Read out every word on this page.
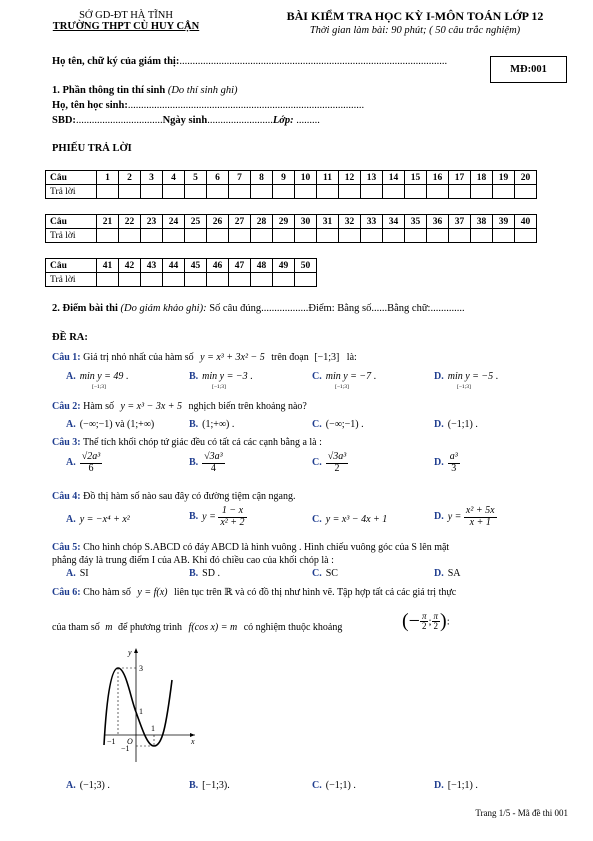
SỞ GD-ĐT HÀ TĨNH
TRƯỜNG THPT CÙ HUY CẬN
BÀI KIỂM TRA HỌC KỲ I-MÔN TOÁN LỚP 12
Thời gian làm bài: 90 phút; ( 50 câu trắc nghiệm)
Họ tên, chữ ký của giám thị:......................................................................................................
MĐ:001
1. Phần thông tin thí sinh (Do thí sinh ghi)
Họ, tên học sinh:..........................................................................................
SBD:.................................Ngày sinh.........................Lớp: .........
PHIẾU TRẢ LỜI
Câu	1	2	3	4	5	6	7	8	9	10	11	12	13	14	15	16	17	18	19	20
Trả lời																				
Câu	21	22	23	24	25	26	27	28	29	30	31	32	33	34	35	36	37	38	39	40
Trả lời																				
Câu	41	42	43	44	45	46	47	48	49	50
Trả lời										
2. Điểm bài thi (Do giám khảo ghi): Số câu đúng..................Điểm: Bằng số......Bằng chữ:.............
ĐỀ RA:
Câu 1: Giá trị nhỏ nhất của hàm số y = x³ + 3x² − 5 trên đoạn [−1;3] là:
A. min y = 49 .	B. min y = −3 .	C. min y = −7 .	D. min y = −5 .
[−1;3]	[−1;3]	[−1;3]	[−1;3]
Câu 2: Hàm số y = x³ − 3x + 5 nghịch biến trên khoảng nào?
A. (−∞;−1) và (1;+∞)	B. (1;+∞) .	C. (−∞;−1) .	D. (−1;1) .
Câu 3: Thể tích khối chóp tứ giác đều có tất cả các cạnh bằng a là :
A. $\frac{\text{√2a³}}{6}$	B. $\frac{\text{√3a³}}{4}$	C. $\frac{\text{√3a³}}{2}$	D. $\frac{\text{a³}}{3}$
Câu 4: Đồ thị hàm số nào sau đây có đường tiệm cận ngang.
A. y = −x⁴ + x²	B. $y = \frac{1 - x}{\text{x² + 2}}$	C. y = x³ − 4x + 1	D. $y = \frac{\text{x² + 5x}}{x + 1}$
Câu 5: Cho hình chóp S.ABCD có đáy ABCD là hình vuông . Hình chiếu vuông góc của S lên mặt
phẳng đáy là trung điểm I của AB. Khi đó chiều cao của khối chóp là :
A. SI	B. SD .	C. SC	D. SA
Câu 6: Cho hàm số y = f(x) liên tục trên ℝ và có đồ thị như hình vẽ. Tập hợp tất cả các giá trị thực
của tham số m để phương trình f(cos x) = m có nghiệm thuộc khoảng	(− $\frac{\pi}{2}$ ; $\frac{\pi}{2}$ ):
y
x
3
1
−1 O
1
−1
A. (−1;3) .	B. [−1;3).	C. (−1;1) .	D. [−1;1) .
Trang 1/5 - Mã đề thi 001
